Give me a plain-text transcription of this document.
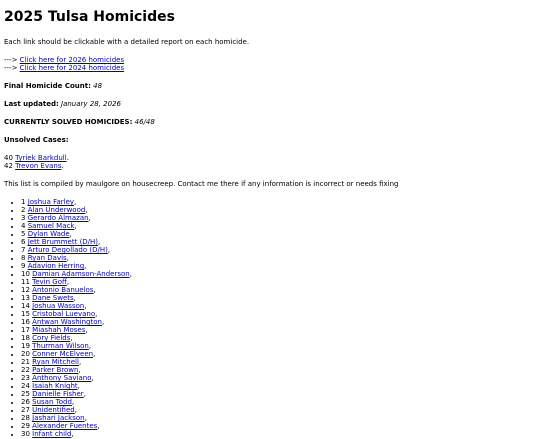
2025 Tulsa Homicides

Each link should be clickable with a detailed report on each homicide.

---> Click here for 2026 homicides

---> Click here for 2024 homicides

Final Homicide Count: 48

Last updated: January 28, 2026

CURRENTLY SOLVED HOMICIDES: 46/48

Unsolved Cases:

40 Tyriek Barkdull.

42 Trevon Evans.

This list is compiled by maulgore on housecreep. Contact me there if any information is incorrect or needs fixing

• 1 Joshua Farley,
• 2 Alan Underwood,
• 3 Gerardo Almazan,
• 4 Samuel Mack,
• 5 Dylan Wade,
• 6 Jett Brummett (D/H),
• 7 Arturo Degollado (D/H),
• 8 Ryan Davis,
• 9 Adavion Herring,
• 10 Damian Adamson-Anderson,
• 11 Tevin Goff,
• 12 Antonio Banuelos,
• 13 Dane Swets,
• 14 Joshua Wasson,
• 15 Cristobal Luevano,
• 16 Antwan Washington,
• 17 Miashah Moses,
• 18 Cory Fields,
• 19 Thurman Wilson,
• 20 Conner McElveen,
• 21 Ryan Mitchell,
• 22 Parker Brown,
• 23 Anthony Saviano,
• 24 Isaiah Knight,
• 25 Danielle Fisher,
• 26 Susan Todd,
• 27 Unidentified,
• 28 Jashari Jackson,
• 29 Alexander Fuentes,
• 30 Infant child,
